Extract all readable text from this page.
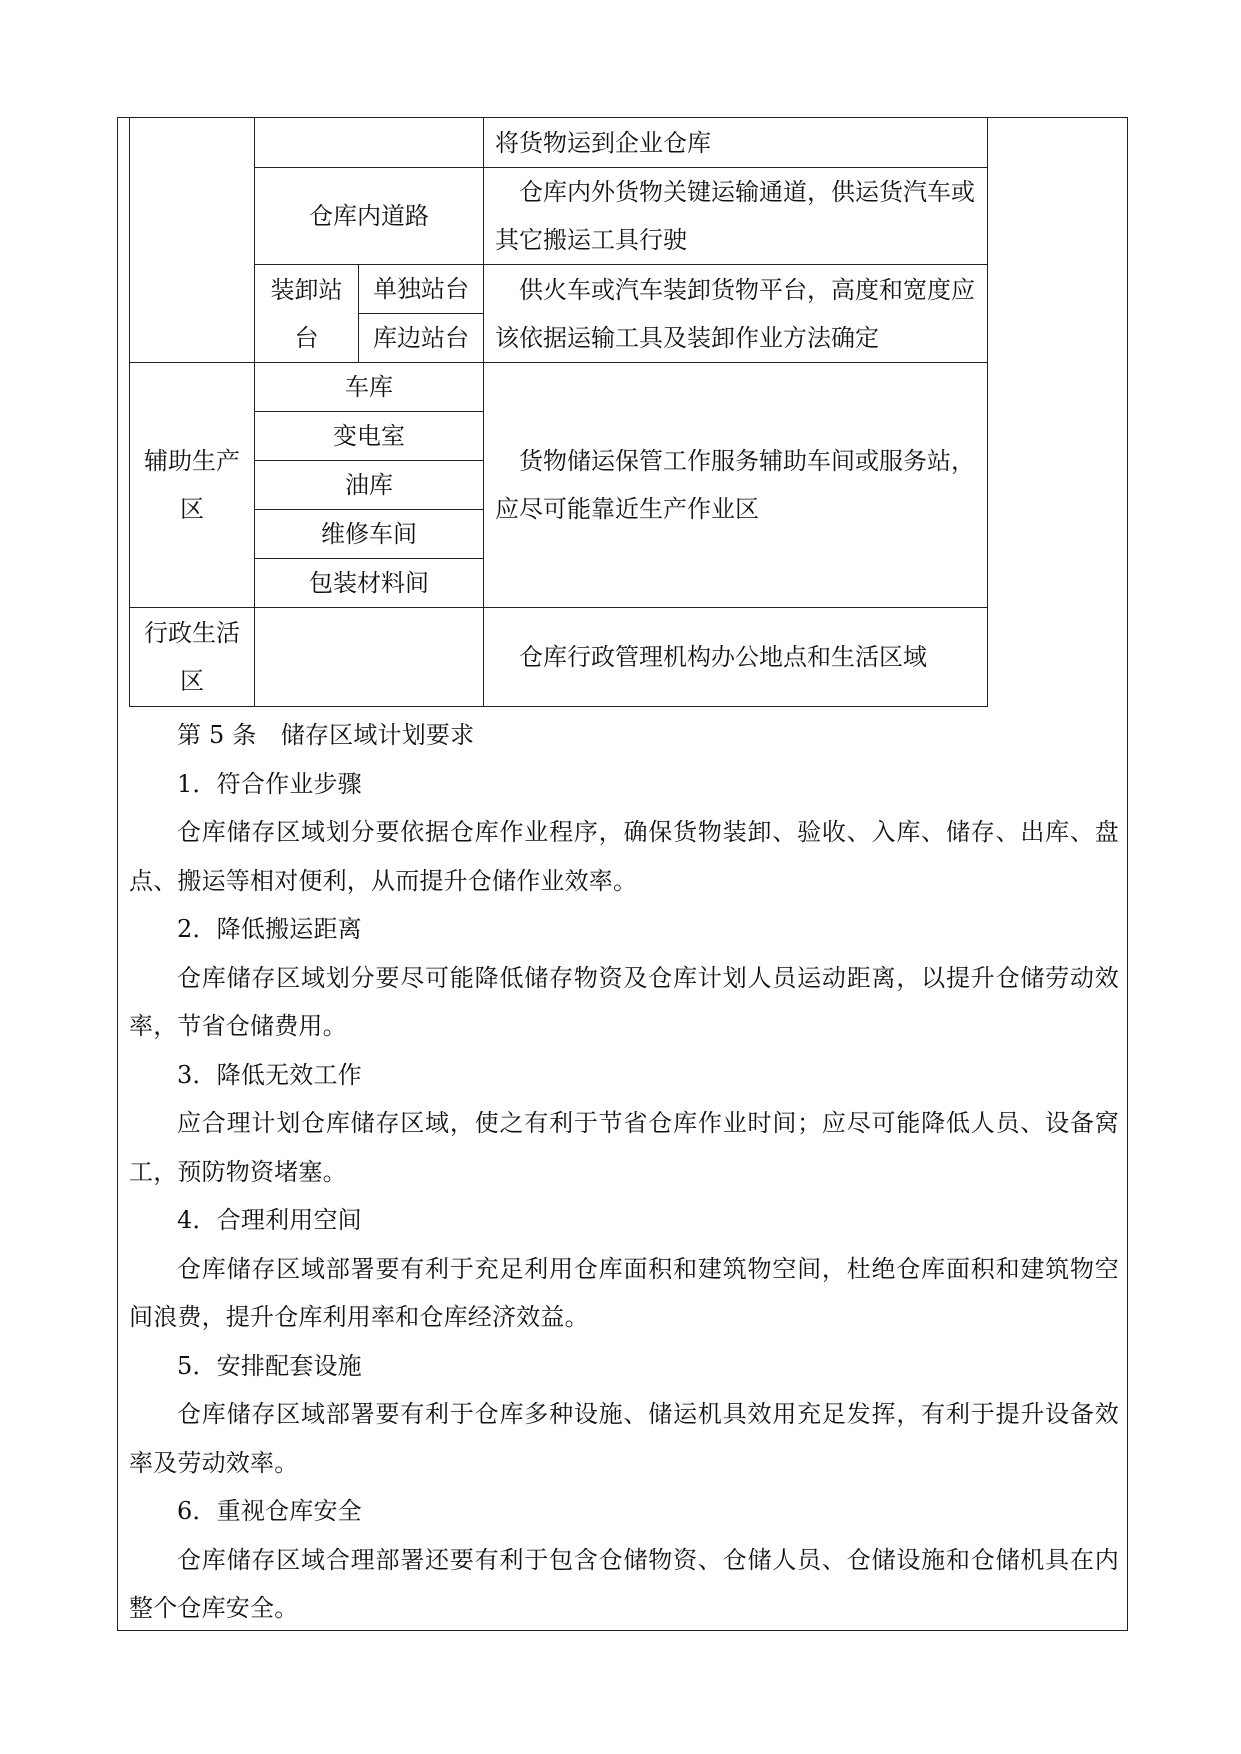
			将货物运到企业仓库

	仓库内道路		仓库内外货物关键运输通道，供运货汽车或其它搬运工具行驶

	装卸站台	单独站台	供火车或汽车装卸货物平台，高度和宽度应该依据运输工具及装卸作业方法确定

		库边站台	

辅助生产区	车库		货物储运保管工作服务辅助车间或服务站，应尽可能靠近生产作业区

	变电室		
	油库		
	维修车间		
	包装材料间		

行政生活区			仓库行政管理机构办公地点和生活区域

第 5 条　储存区域计划要求

1．符合作业步骤

仓库储存区域划分要依据仓库作业程序，确保货物装卸、验收、入库、储存、出库、盘点、搬运等相对便利，从而提升仓储作业效率。

2．降低搬运距离

仓库储存区域划分要尽可能降低储存物资及仓库计划人员运动距离，以提升仓储劳动效率，节省仓储费用。

3．降低无效工作

应合理计划仓库储存区域，使之有利于节省仓库作业时间；应尽可能降低人员、设备窝工，预防物资堵塞。

4．合理利用空间

仓库储存区域部署要有利于充足利用仓库面积和建筑物空间，杜绝仓库面积和建筑物空间浪费，提升仓库利用率和仓库经济效益。

5．安排配套设施

仓库储存区域部署要有利于仓库多种设施、储运机具效用充足发挥，有利于提升设备效率及劳动效率。

6．重视仓库安全

仓库储存区域合理部署还要有利于包含仓储物资、仓储人员、仓储设施和仓储机具在内整个仓库安全。
